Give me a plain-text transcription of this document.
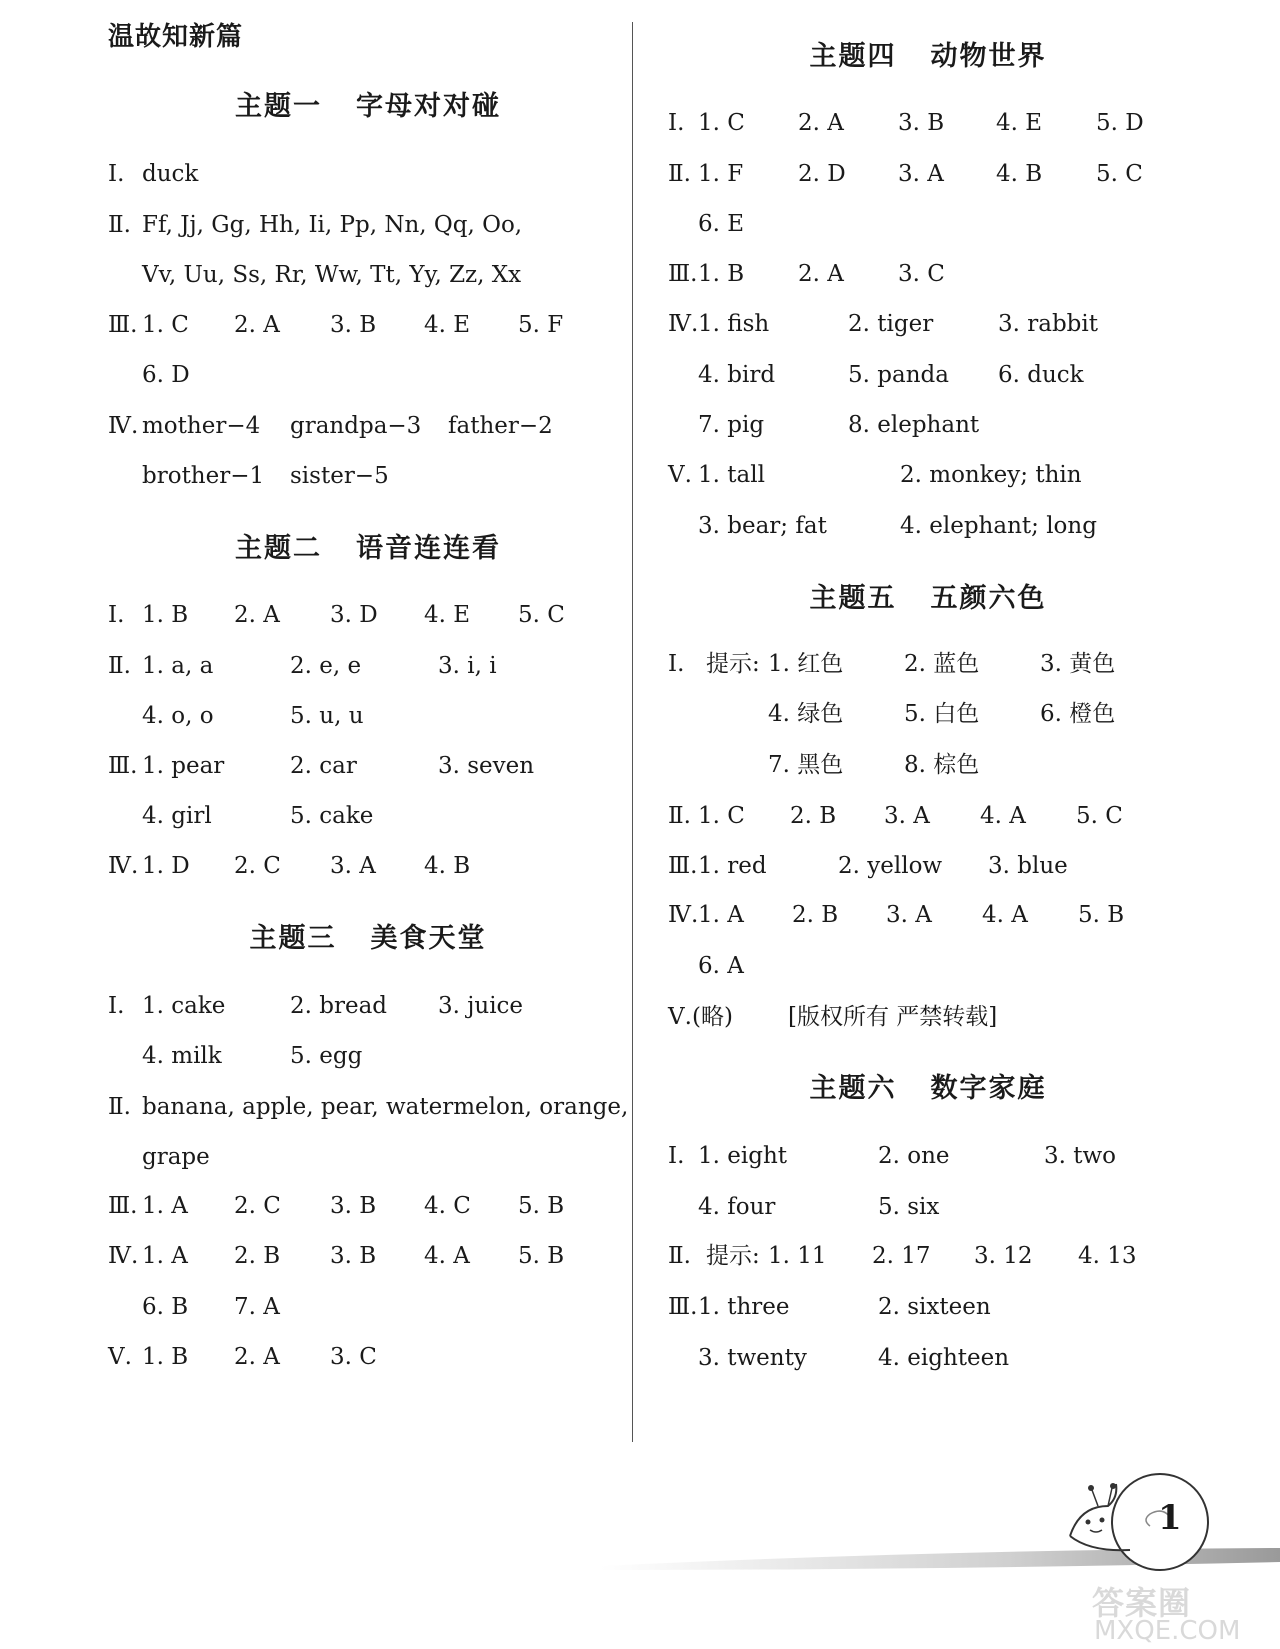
温故知新篇
主题一 字母对对碰
Ⅰ. duck
Ⅱ. Ff, Jj, Gg, Hh, Ii, Pp, Nn, Qq, Oo,
Vv, Uu, Ss, Rr, Ww, Tt, Yy, Zz, Xx
Ⅲ. 1. C 2. A 3. B 4. E 5. F
6. D
Ⅳ. mother−4 grandpa−3 father−2
brother−1 sister−5
主题二 语音连连看
Ⅰ. 1. B 2. A 3. D 4. E 5. C
Ⅱ. 1. a, a	2. e, e	3. i, i
4. o, o	5. u, u
Ⅲ. 1. pear	2. car	3. seven
4. girl	5. cake
Ⅳ. 1. D 2. C 3. A 4. B
主题三 美食天堂
Ⅰ. 1. cake	2. bread 3. juice
4. milk	5. egg
Ⅱ. banana, apple, pear, watermelon, orange,
grape
Ⅲ. 1. A 2. C 3. B 4. C 5. B
Ⅳ. 1. A 2. B 3. B 4. A 5. B
6. B 7. A
Ⅴ. 1. B 2. A 3. C
主题四 动物世界
Ⅰ. 1. C 2. A 3. B 4. E 5. D
Ⅱ. 1. F 2. D 3. A 4. B 5. C
6. E
Ⅲ. 1. B 2. A 3. C
Ⅳ. 1. fish	2. tiger	3. rabbit
4. bird	5. panda 6. duck
7. pig	8. elephant
Ⅴ. 1. tall	2. monkey; thin
3. bear; fat	4. elephant; long
主题五 五颜六色
Ⅰ. 提示: 1. 红色	2. 蓝色	3. 黄色
4. 绿色	5. 白色	6. 橙色
7. 黑色	8. 棕色
Ⅱ. 1. C 2. B 3. A 4. A 5. C
Ⅲ. 1. red	2. yellow 3. blue
Ⅳ. 1. A 2. B 3. A 4. A 5. B
6. A
Ⅴ. (略) [版权所有 严禁转载]
主题六 数字家庭
Ⅰ. 1. eight	2. one	3. two
4. four	5. six
Ⅱ. 提示: 1. 11 2. 17 3. 12 4. 13
Ⅲ. 1. three	2. sixteen
3. twenty	4. eighteen
1
答案圈
MXQE.COM
